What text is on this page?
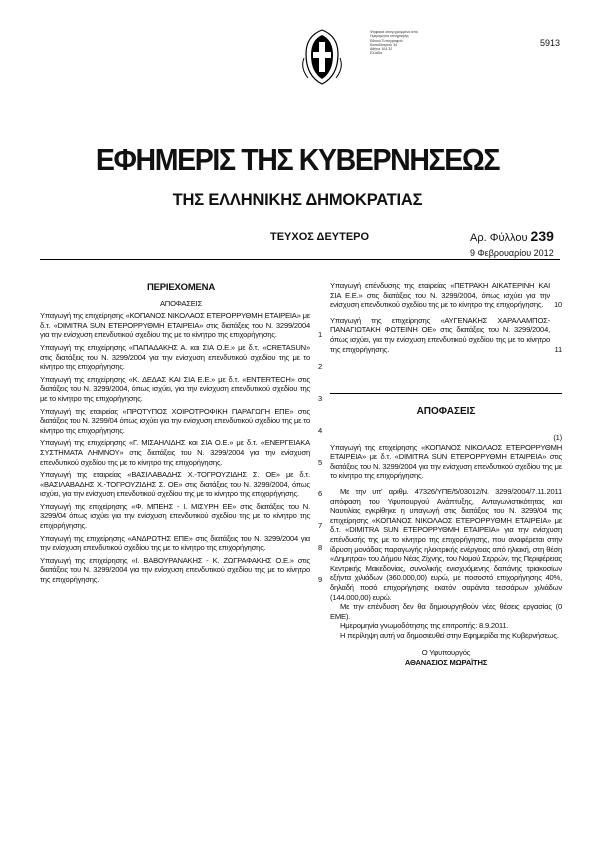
Ψηφιακά υπογεγραμμένο από
Ημερομηνία υπογραφής:
Εθνικό Τυπογραφείο
Καποδιστρίου 34
Αθήνα 104 32
Ελλάδα
5913
ΕΦΗΜΕΡΙΣ ΤΗΣ ΚΥΒΕΡΝΗΣΕΩΣ
ΤΗΣ ΕΛΛΗΝΙΚΗΣ ΔΗΜΟΚΡΑΤΙΑΣ
ΤΕΥΧΟΣ ΔΕΥΤΕΡΟ	Αρ. Φύλλου 239
9 Φεβρουαρίου 2012
ΠΕΡΙΕΧΟΜΕΝΑ
ΑΠΟΦΑΣΕΙΣ
Υπαγωγή της επιχείρησης «ΚΟΠΑΝΟΣ ΝΙΚΟΛΑΟΣ ΕΤΕΡΟΡΡΥΘΜΗ ΕΤΑΙΡΕΙΑ» με δ.τ. «DIMITRA SUN ΕΤΕΡΟΡΡΥΘΜΗ ΕΤΑΙΡΕΙΑ» στις διατάξεις του Ν. 3299/2004 για την ενίσχυση επενδυτικού σχεδίου της με το κίνητρο της επιχορήγησης.	1
Υπαγωγή της επιχείρησης «ΠΑΠΑΔΑΚΗΣ Α. και ΣΙΑ Ο.Ε.» με δ.τ. «CRETASUN» στις διατάξεις του Ν. 3299/2004 για την ενίσχυση επενδυτικού σχεδίου της με το κίνητρο της επιχορήγησης.	2
Υπαγωγή της επιχείρησης «Κ. ΔΕΔΑΣ ΚΑΙ ΣΙΑ Ε.Ε.» με δ.τ. «ENTERTECH» στις διατάξεις του Ν. 3299/2004, όπως ισχύει, για την ενίσχυση επενδυτικού σχεδίου της με το κίνητρο της επιχορήγησης.	3
Υπαγωγή της εταιρείας «ΠΡΟΤΥΠΟΣ ΧΟΙΡΟΤΡΟΦΙΚΗ ΠΑΡΑΓΩΓΗ ΕΠΕ» στις διατάξεις του Ν. 3299/04 όπως ισχύει για την ενίσχυση επενδυτικού σχεδίου της με το κίνητρο της επιχορήγησης.	4
Υπαγωγή της επιχείρησης «Γ. ΜΙΣΑΗΛΙΔΗΣ και ΣΙΑ Ο.Ε.» με δ.τ. «ΕΝΕΡΓΕΙΑΚΑ ΣΥΣΤΗΜΑΤΑ ΛΗΜΝΟΥ» στις διατάξεις του Ν. 3299/2004 για την ενίσχυση επενδυτικού σχεδίου της με το κίνητρο της επιχορήγησης.	5
Υπαγωγή της εταιρείας «ΒΑΣΙΛΑΒΑΔΗΣ Χ.-ΤΟΓΡΟΥΖΙΔΗΣ Σ. ΟΕ» με δ.τ. «ΒΑΣΙΛΑΒΑΔΗΣ Χ.-ΤΟΓΡΟΥΖΙΔΗΣ Σ. ΟΕ» στις διατάξεις του Ν. 3299/2004, όπως ισχύει, για την ενίσχυση επενδυτικού σχεδίου της με το κίνητρο της επιχορήγησης.	6
Υπαγωγή της επιχείρησης «Φ. ΜΠΕΗΣ - Ι. ΜΙΣΥΡΗ ΕΕ» στις διατάξεις του Ν. 3299/04 όπως ισχύει για την ενίσχυση επενδυτικού σχεδίου της με το κίνητρο της επιχορήγησης.	7
Υπαγωγή της επιχείρησης «ΑΝΔΡΩΤΗΣ ΕΠΕ» στις διατάξεις του Ν. 3299/2004 για την ενίσχυση επενδυτικού σχεδίου της με το κίνητρο της επιχορήγησης.	8
Υπαγωγή της επιχείρησης «Ι. ΒΑΒΟΥΡΑΝΑΚΗΣ - Κ. ΖΩΓΡΑΦΑΚΗΣ Ο.Ε.» στις διατάξεις του Ν. 3299/2004 για την ενίσχυση επενδυτικού σχεδίου της με το κίνητρο της επιχορήγησης.	9
Υπαγωγή επένδυσης της εταιρείας «ΠΕΤΡΑΚΗ ΑΙΚΑΤΕΡΙΝΗ ΚΑΙ ΣΙΑ Ε.Ε.» στις διατάξεις του Ν. 3299/2004, όπως ισχύει για την ενίσχυση επενδυτικού σχεδίου της με το κίνητρο της επιχορήγησης.	10
Υπαγωγή της επιχείρησης «ΑΥΓΕΝΑΚΗΣ ΧΑΡΑΛΑΜΠΟΣ-ΠΑΝΑΓΙΩΤΑΚΗ ΦΩΤΕΙΝΗ ΟΕ» στις διατάξεις του Ν. 3299/2004, όπως ισχύει, για την ενίσχυση επενδυτικού σχεδίου της με το κίνητρο της επιχορήγησης.	11
ΑΠΟΦΑΣΕΙΣ
(1)
Υπαγωγή της επιχείρησης «ΚΟΠΑΝΟΣ ΝΙΚΟΛΑΟΣ ΕΤΕΡΟΡΡΥΘΜΗ ΕΤΑΙΡΕΙΑ» με δ.τ. «DIMITRA SUN ΕΤΕΡΟΡΡΥΘΜΗ ΕΤΑΙΡΕΙΑ» στις διατάξεις του Ν. 3299/2004 για την ενίσχυση επενδυτικού σχεδίου της με το κίνητρο της επιχορήγησης.
Με την υπ' αριθμ. 47326/ΥΠΕ/5/03012/Ν. 3299/2004/7.11.2011 απόφαση του Υφυπουργού Ανάπτυξης, Ανταγωνιστικότητας και Ναυτιλίας εγκρίθηκε η υπαγωγή στις διατάξεις του Ν. 3299/04 της επιχείρησης «ΚΟΠΑΝΟΣ ΝΙΚΟΛΑΟΣ ΕΤΕΡΟΡΡΥΘΜΗ ΕΤΑΙΡΕΙΑ» με δ.τ. «DIMITRA SUN ΕΤΕΡΟΡΡΥΘΜΗ ΕΤΑΙΡΕΙΑ» για την ενίσχυση επένδυσής της με το κίνητρο της επιχορήγησης, που αναφέρεται στην ίδρυση μονάδας παραγωγής ηλεκτρικής ενέργειας από ηλιακή, στη θέση «Δημητρα» του Δήμου Νέας Ζίχνης, του Νομού Σερρών, της Περιφέρειας Κεντρικής Μακεδονίας, συνολικής ενισχυόμενης δαπάνης τριακοσίων εξήντα χιλιάδων (360.000,00) ευρώ, με ποσοστό επιχορήγησης 40%, δηλαδή ποσό επιχορήγησης εκατόν σαράντα τεσσάρων χιλιάδων (144.000,00) ευρώ.
Με την επένδυση δεν θα δημιουργηθούν νέες θέσεις εργασίας (0 ΕΜΕ).
Ημερομηνία γνωμοδότησης της επιτροπής: 8.9.2011.
Η περίληψη αυτή να δημοσιευθεί στην Εφημερίδα της Κυβερνήσεως.
Ο Υφυπουργός
ΑΘΑΝΑΣΙΟΣ ΜΩΡΑΪΤΗΣ
